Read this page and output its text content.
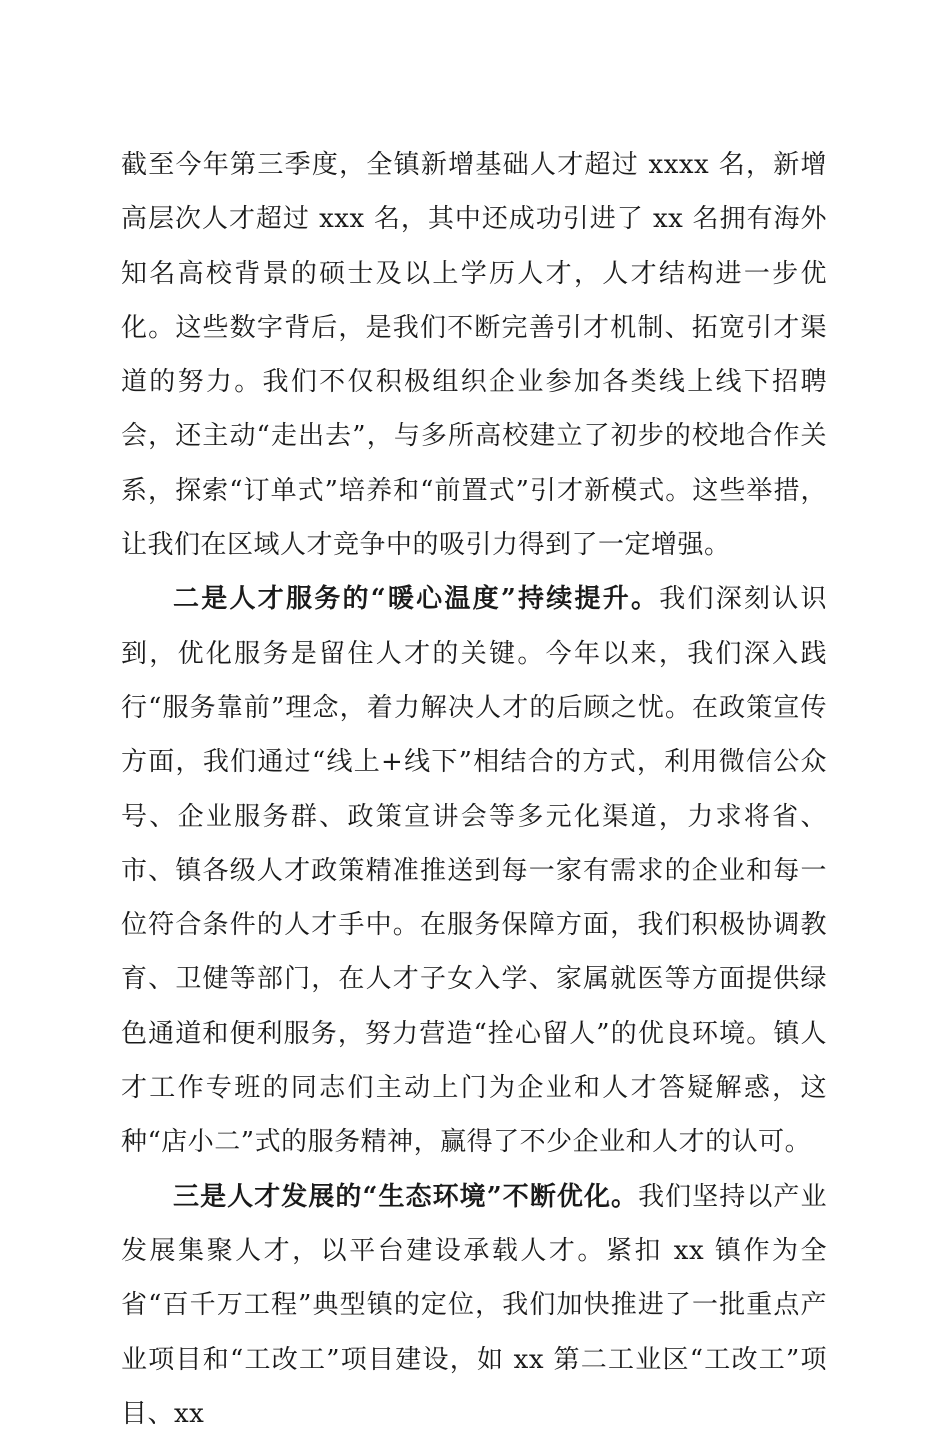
截至今年第三季度，全镇新增基础人才超过 xxxx 名，新增高层次人才超过 xxx 名，其中还成功引进了 xx 名拥有海外知名高校背景的硕士及以上学历人才，人才结构进一步优化。这些数字背后，是我们不断完善引才机制、拓宽引才渠道的努力。我们不仅积极组织企业参加各类线上线下招聘会，还主动“走出去”，与多所高校建立了初步的校地合作关系，探索“订单式”培养和“前置式”引才新模式。这些举措，让我们在区域人才竞争中的吸引力得到了一定增强。

二是人才服务的“暖心温度”持续提升。我们深刻认识到，优化服务是留住人才的关键。今年以来，我们深入践行“服务靠前”理念，着力解决人才的后顾之忧。在政策宣传方面，我们通过“线上+线下”相结合的方式，利用微信公众号、企业服务群、政策宣讲会等多元化渠道，力求将省、市、镇各级人才政策精准推送到每一家有需求的企业和每一位符合条件的人才手中。在服务保障方面，我们积极协调教育、卫健等部门，在人才子女入学、家属就医等方面提供绿色通道和便利服务，努力营造“拴心留人”的优良环境。镇人才工作专班的同志们主动上门为企业和人才答疑解惑，这种“店小二”式的服务精神，赢得了不少企业和人才的认可。

三是人才发展的“生态环境”不断优化。我们坚持以产业发展集聚人才，以平台建设承载人才。紧扣 xx 镇作为全省“百千万工程”典型镇的定位，我们加快推进了一批重点产业项目和“工改工”项目建设，如 xx 第二工业区“工改工”项目、xx
